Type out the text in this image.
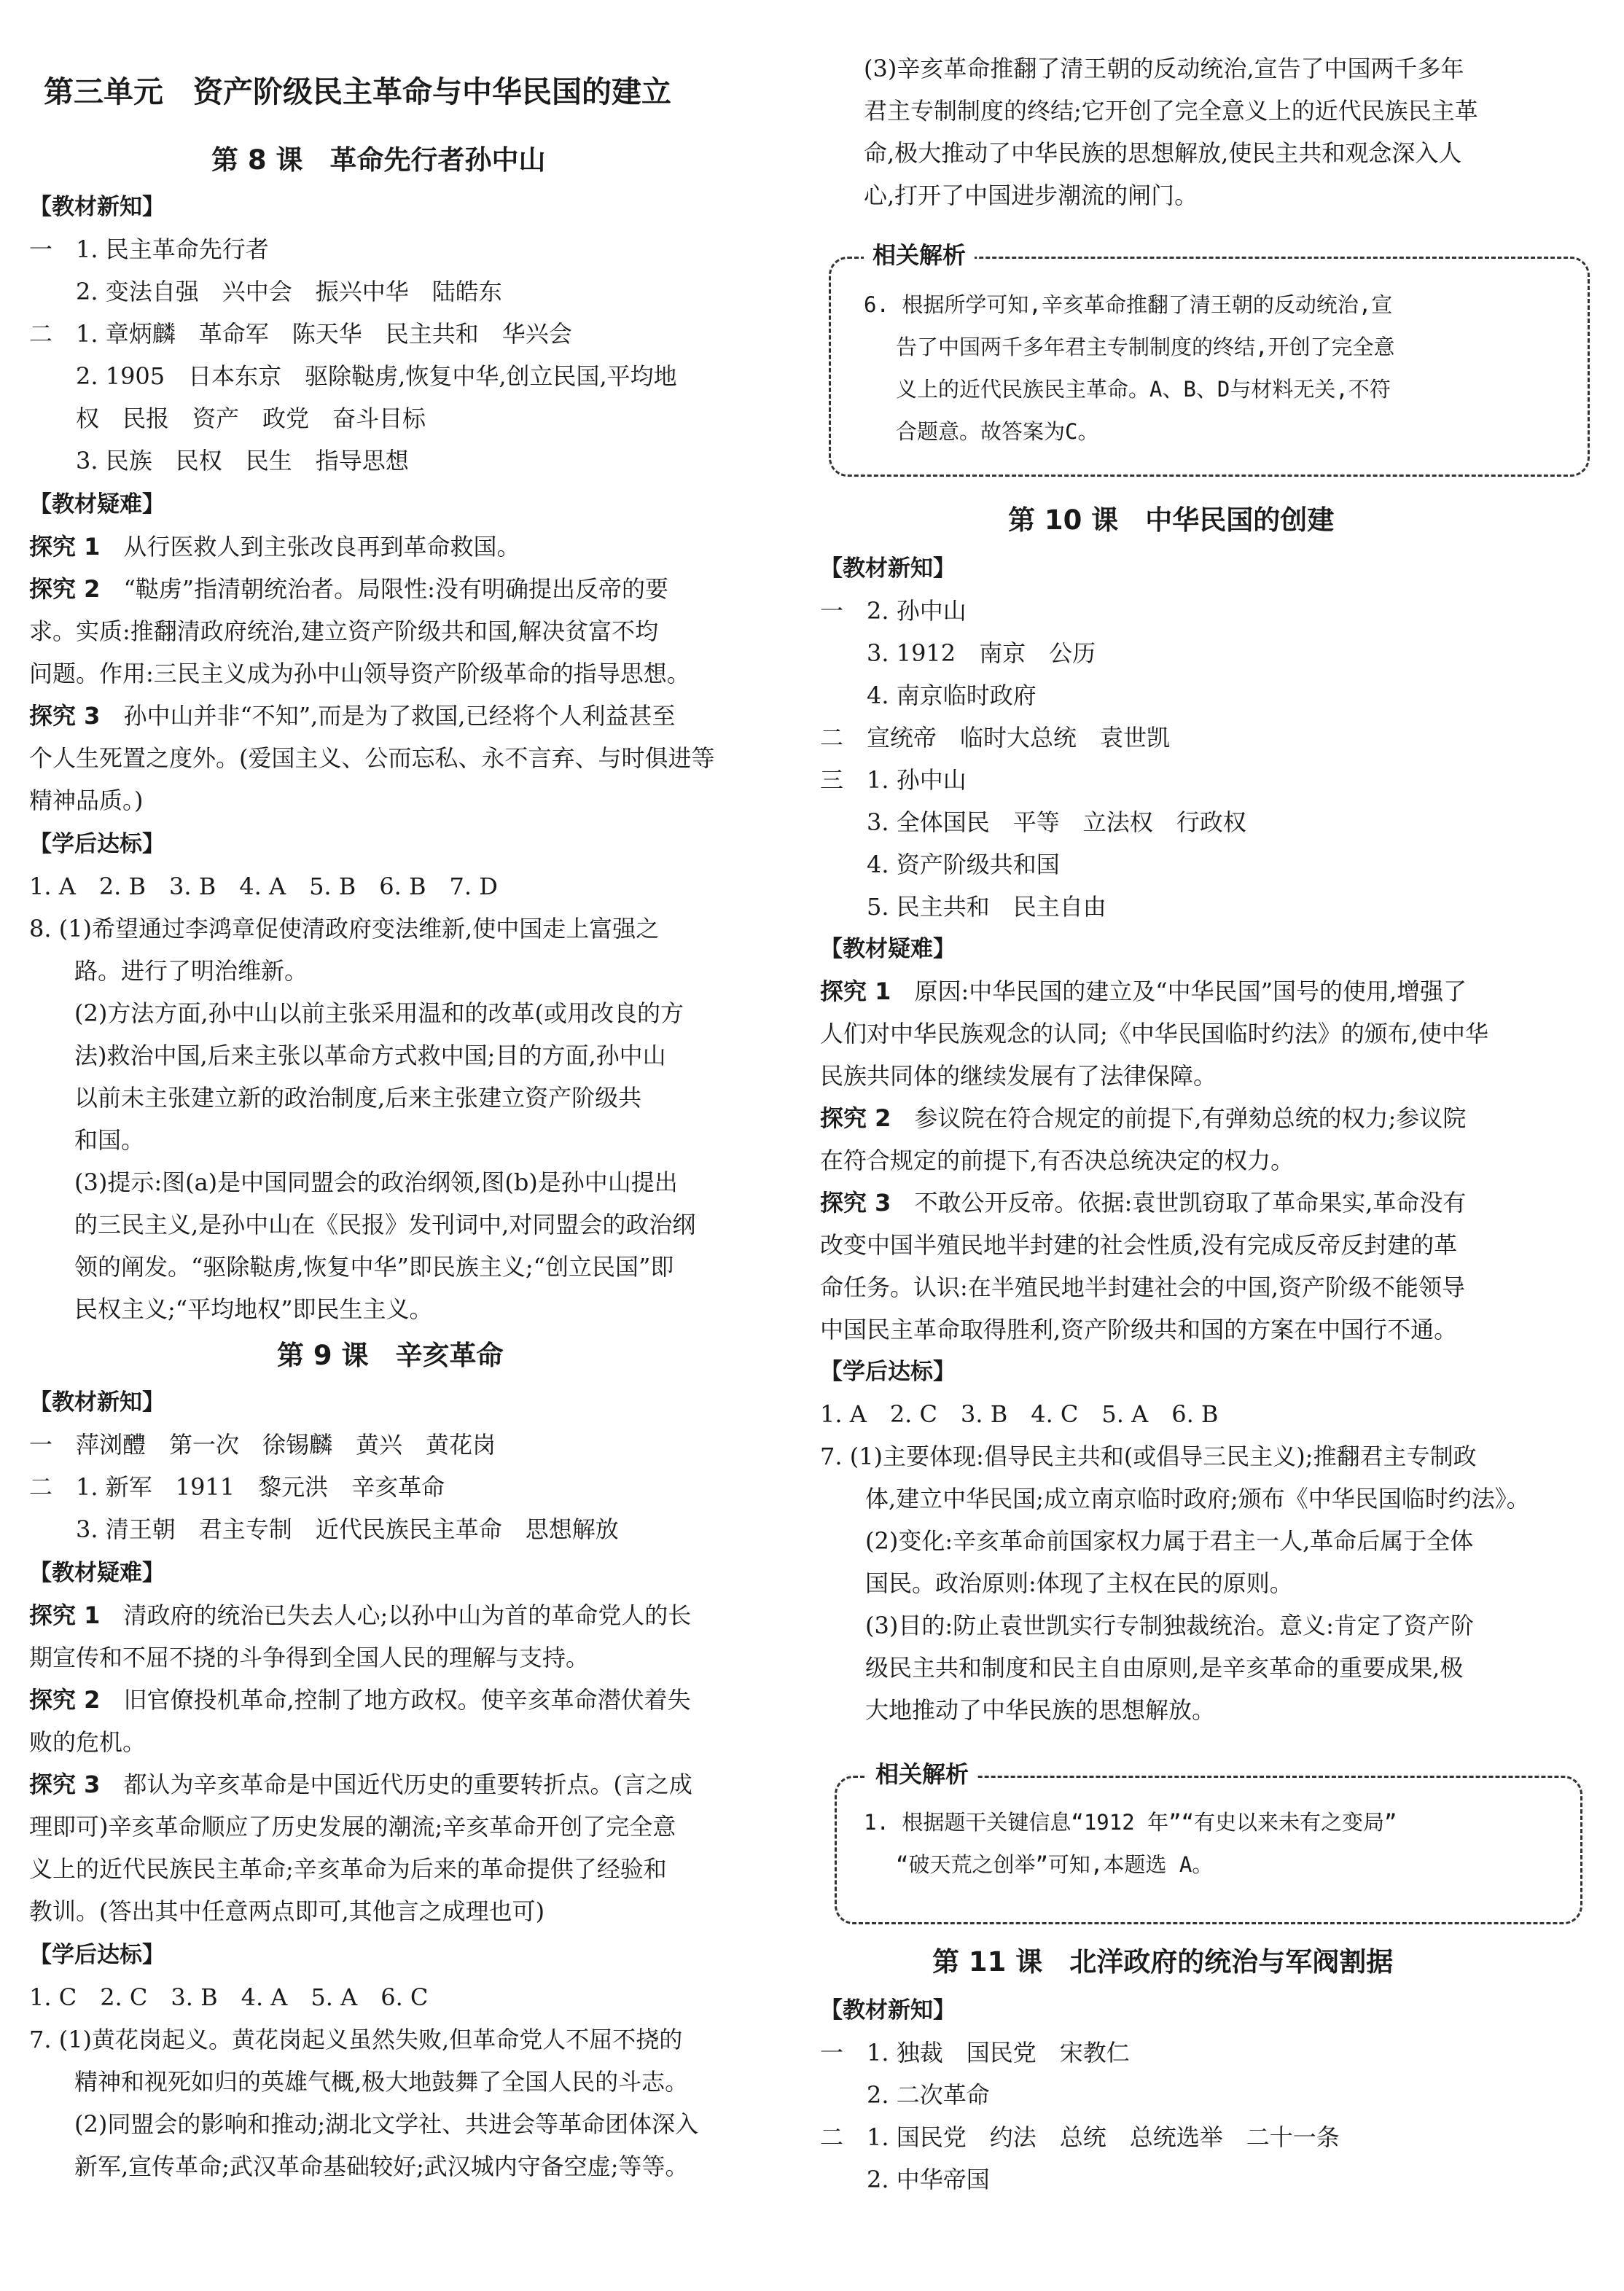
第三单元　资产阶级民主革命与中华民国的建立
第 8 课　革命先行者孙中山
【教材新知】
一　1. 民主革命先行者
2. 变法自强　兴中会　振兴中华　陆皓东
二　1. 章炳麟　革命军　陈天华　民主共和　华兴会
2. 1905　日本东京　驱除鞑虏,恢复中华,创立民国,平均地
权　民报　资产　政党　奋斗目标
3. 民族　民权　民生　指导思想
【教材疑难】
探究 1　 从行医救人到主张改良再到革命救国。
探究 2　 “鞑虏”指清朝统治者。局限性:没有明确提出反帝的要
求。实质:推翻清政府统治,建立资产阶级共和国,解决贫富不均
问题。作用:三民主义成为孙中山领导资产阶级革命的指导思想。
探究 3　 孙中山并非“不知”,而是为了救国,已经将个人利益甚至
个人生死置之度外。(爱国主义、公而忘私、永不言弃、与时俱进等
精神品质。)
【学后达标】
1. A　2. B　3. B　4. A　5. B　6. B　7. D
8. (1)希望通过李鸿章促使清政府变法维新,使中国走上富强之
路。进行了明治维新。
(2)方法方面,孙中山以前主张采用温和的改革(或用改良的方
法)救治中国,后来主张以革命方式救中国;目的方面,孙中山
以前未主张建立新的政治制度,后来主张建立资产阶级共
和国。
(3)提示:图(a)是中国同盟会的政治纲领,图(b)是孙中山提出
的三民主义,是孙中山在《民报》发刊词中,对同盟会的政治纲
领的阐发。“驱除鞑虏,恢复中华”即民族主义;“创立民国”即
民权主义;“平均地权”即民生主义。
第 9 课　辛亥革命
【教材新知】
一　萍浏醴　第一次　徐锡麟　黄兴　黄花岗
二　1. 新军　1911　黎元洪　辛亥革命
3. 清王朝　君主专制　近代民族民主革命　思想解放
【教材疑难】
探究 1　 清政府的统治已失去人心;以孙中山为首的革命党人的长
期宣传和不屈不挠的斗争得到全国人民的理解与支持。
探究 2　 旧官僚投机革命,控制了地方政权。使辛亥革命潜伏着失
败的危机。
探究 3　 都认为辛亥革命是中国近代历史的重要转折点。(言之成
理即可)辛亥革命顺应了历史发展的潮流;辛亥革命开创了完全意
义上的近代民族民主革命;辛亥革命为后来的革命提供了经验和
教训。(答出其中任意两点即可,其他言之成理也可)
【学后达标】
1. C　2. C　3. B　4. A　5. A　6. C
7. (1)黄花岗起义。黄花岗起义虽然失败,但革命党人不屈不挠的
精神和视死如归的英雄气概,极大地鼓舞了全国人民的斗志。
(2)同盟会的影响和推动;湖北文学社、共进会等革命团体深入
新军,宣传革命;武汉革命基础较好;武汉城内守备空虚;等等。
(3)辛亥革命推翻了清王朝的反动统治,宣告了中国两千多年
君主专制制度的终结;它开创了完全意义上的近代民族民主革
命,极大推动了中华民族的思想解放,使民主共和观念深入人
心,打开了中国进步潮流的闸门。
相关解析
6. 根据所学可知,辛亥革命推翻了清王朝的反动统治,宣
告了中国两千多年君主专制制度的终结,开创了完全意
义上的近代民族民主革命。A、B、D与材料无关,不符
合题意。故答案为C。
第 10 课　中华民国的创建
【教材新知】
一　2. 孙中山
3. 1912　南京　公历
4. 南京临时政府
二　宣统帝　临时大总统　袁世凯
三　1. 孙中山
3. 全体国民　平等　立法权　行政权
4. 资产阶级共和国
5. 民主共和　民主自由
【教材疑难】
探究 1　 原因:中华民国的建立及“中华民国”国号的使用,增强了
人们对中华民族观念的认同;《中华民国临时约法》的颁布,使中华
民族共同体的继续发展有了法律保障。
探究 2　 参议院在符合规定的前提下,有弹劾总统的权力;参议院
在符合规定的前提下,有否决总统决定的权力。
探究 3　 不敢公开反帝。依据:袁世凯窃取了革命果实,革命没有
改变中国半殖民地半封建的社会性质,没有完成反帝反封建的革
命任务。认识:在半殖民地半封建社会的中国,资产阶级不能领导
中国民主革命取得胜利,资产阶级共和国的方案在中国行不通。
【学后达标】
1. A　2. C　3. B　4. C　5. A　6. B
7. (1)主要体现:倡导民主共和(或倡导三民主义);推翻君主专制政
体,建立中华民国;成立南京临时政府;颁布《中华民国临时约法》。
(2)变化:辛亥革命前国家权力属于君主一人,革命后属于全体
国民。政治原则:体现了主权在民的原则。
(3)目的:防止袁世凯实行专制独裁统治。意义:肯定了资产阶
级民主共和制度和民主自由原则,是辛亥革命的重要成果,极
大地推动了中华民族的思想解放。
相关解析
1. 根据题干关键信息“1912 年”“有史以来未有之变局”
“破天荒之创举”可知,本题选 A。
第 11 课　北洋政府的统治与军阀割据
【教材新知】
一　1. 独裁　国民党　宋教仁
2. 二次革命
二　1. 国民党　约法　总统　总统选举　二十一条
2. 中华帝国
